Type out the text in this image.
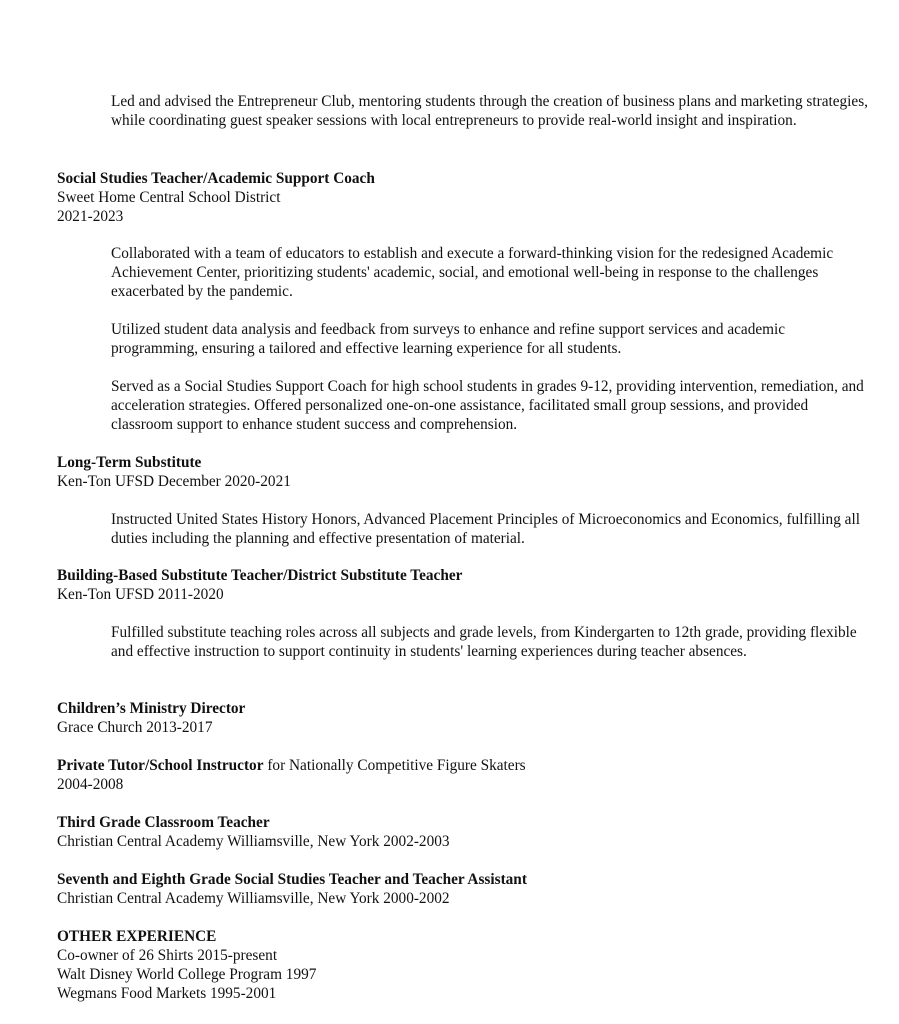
Led and advised the Entrepreneur Club, mentoring students through the creation of business plans and marketing strategies, while coordinating guest speaker sessions with local entrepreneurs to provide real-world insight and inspiration.
Social Studies Teacher/Academic Support Coach
Sweet Home Central School District
2021-2023
Collaborated with a team of educators to establish and execute a forward-thinking vision for the redesigned Academic Achievement Center, prioritizing students' academic, social, and emotional well-being in response to the challenges exacerbated by the pandemic.
Utilized student data analysis and feedback from surveys to enhance and refine support services and academic programming, ensuring a tailored and effective learning experience for all students.
Served as a Social Studies Support Coach for high school students in grades 9-12, providing intervention, remediation, and acceleration strategies. Offered personalized one-on-one assistance, facilitated small group sessions, and provided classroom support to enhance student success and comprehension.
Long-Term Substitute
Ken-Ton UFSD December 2020-2021
Instructed United States History Honors, Advanced Placement Principles of Microeconomics and Economics, fulfilling all duties including the planning and effective presentation of material.
Building-Based Substitute Teacher/District Substitute Teacher
Ken-Ton UFSD 2011-2020
Fulfilled substitute teaching roles across all subjects and grade levels, from Kindergarten to 12th grade, providing flexible and effective instruction to support continuity in students' learning experiences during teacher absences.
Children’s Ministry Director
Grace Church 2013-2017
Private Tutor/School Instructor for Nationally Competitive Figure Skaters
2004-2008
Third Grade Classroom Teacher
Christian Central Academy Williamsville, New York 2002-2003
Seventh and Eighth Grade Social Studies Teacher and Teacher Assistant
Christian Central Academy Williamsville, New York 2000-2002
OTHER EXPERIENCE
Co-owner of 26 Shirts 2015-present
Walt Disney World College Program 1997
Wegmans Food Markets 1995-2001
